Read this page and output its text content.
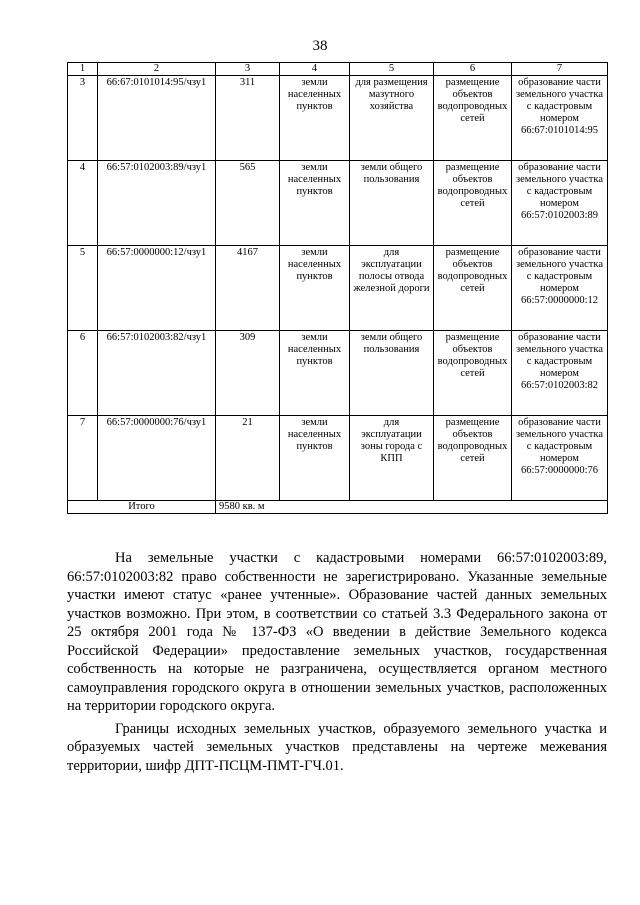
38
1	2	3	4	5	6	7
3	66:67:0101014:95/чзу1	311	земли населенных пунктов	для размещения мазутного хозяйства	размещение объектов водопроводных сетей	образование части земельного участка с кадастровым номером 66:67:0101014:95
4	66:57:0102003:89/чзу1	565	земли населенных пунктов	земли общего пользования	размещение объектов водопроводных сетей	образование части земельного участка с кадастровым номером 66:57:0102003:89
5	66:57:0000000:12/чзу1	4167	земли населенных пунктов	для эксплуатации полосы отвода железной дороги	размещение объектов водопроводных сетей	образование части земельного участка с кадастровым номером 66:57:0000000:12
6	66:57:0102003:82/чзу1	309	земли населенных пунктов	земли общего пользования	размещение объектов водопроводных сетей	образование части земельного участка с кадастровым номером 66:57:0102003:82
7	66:57:0000000:76/чзу1	21	земли населенных пунктов	для эксплуатации зоны города с КПП	размещение объектов водопроводных сетей	образование части земельного участка с кадастровым номером 66:57:0000000:76
Итого		9580 кв. м				

На земельные участки с кадастровыми номерами 66:57:0102003:89, 66:57:0102003:82 право собственности не зарегистрировано. Указанные земельные участки имеют статус «ранее учтенные». Образование частей данных земельных участков возможно. При этом, в соответствии со статьей 3.3 Федерального закона от 25 октября 2001 года № 137-ФЗ «О введении в действие Земельного кодекса Российской Федерации» предоставление земельных участков, государственная собственность на которые не разграничена, осуществляется органом местного самоуправления городского округа в отношении земельных участков, расположенных на территории городского округа.

Границы исходных земельных участков, образуемого земельного участка и образуемых частей земельных участков представлены на чертеже межевания территории, шифр ДПТ-ПСЦМ-ПМТ-ГЧ.01.
